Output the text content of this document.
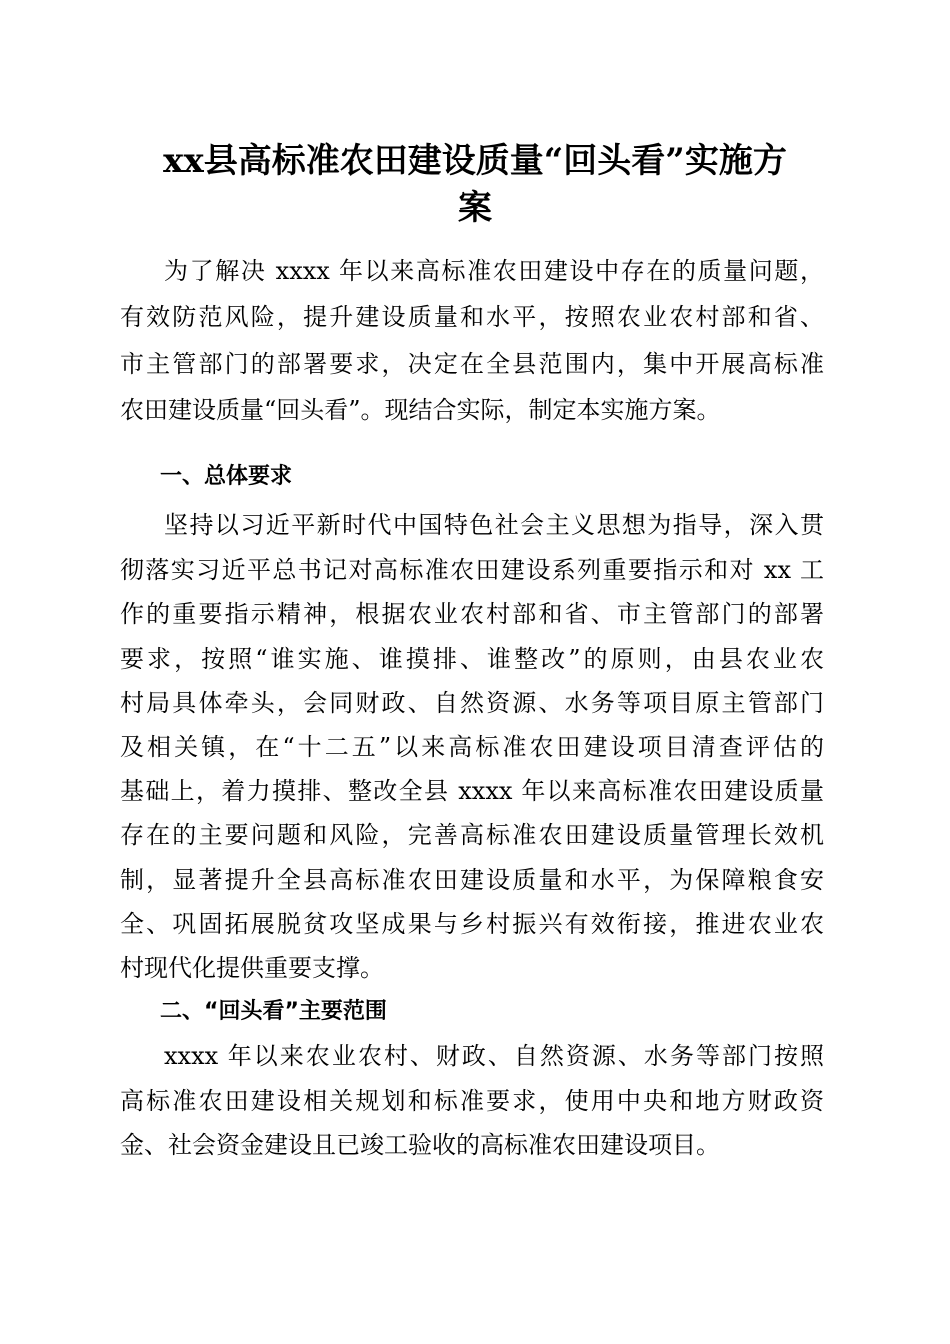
xx县高标准农田建设质量“回头看”实施方
案
为了解决 xxxx 年以来高标准农田建设中存在的质量问题，
有效防范风险，提升建设质量和水平，按照农业农村部和省、
市主管部门的部署要求，决定在全县范围内，集中开展高标准
农田建设质量“回头看”。现结合实际，制定本实施方案。
一、总体要求
坚持以习近平新时代中国特色社会主义思想为指导，深入贯
彻落实习近平总书记对高标准农田建设系列重要指示和对 xx 工
作的重要指示精神，根据农业农村部和省、市主管部门的部署
要求，按照“谁实施、谁摸排、谁整改”的原则，由县农业农
村局具体牵头，会同财政、自然资源、水务等项目原主管部门
及相关镇，在“十二五”以来高标准农田建设项目清查评估的
基础上，着力摸排、整改全县 xxxx 年以来高标准农田建设质量
存在的主要问题和风险，完善高标准农田建设质量管理长效机
制，显著提升全县高标准农田建设质量和水平，为保障粮食安
全、巩固拓展脱贫攻坚成果与乡村振兴有效衔接，推进农业农
村现代化提供重要支撑。
二、“回头看”主要范围
xxxx 年以来农业农村、财政、自然资源、水务等部门按照
高标准农田建设相关规划和标准要求，使用中央和地方财政资
金、社会资金建设且已竣工验收的高标准农田建设项目。
